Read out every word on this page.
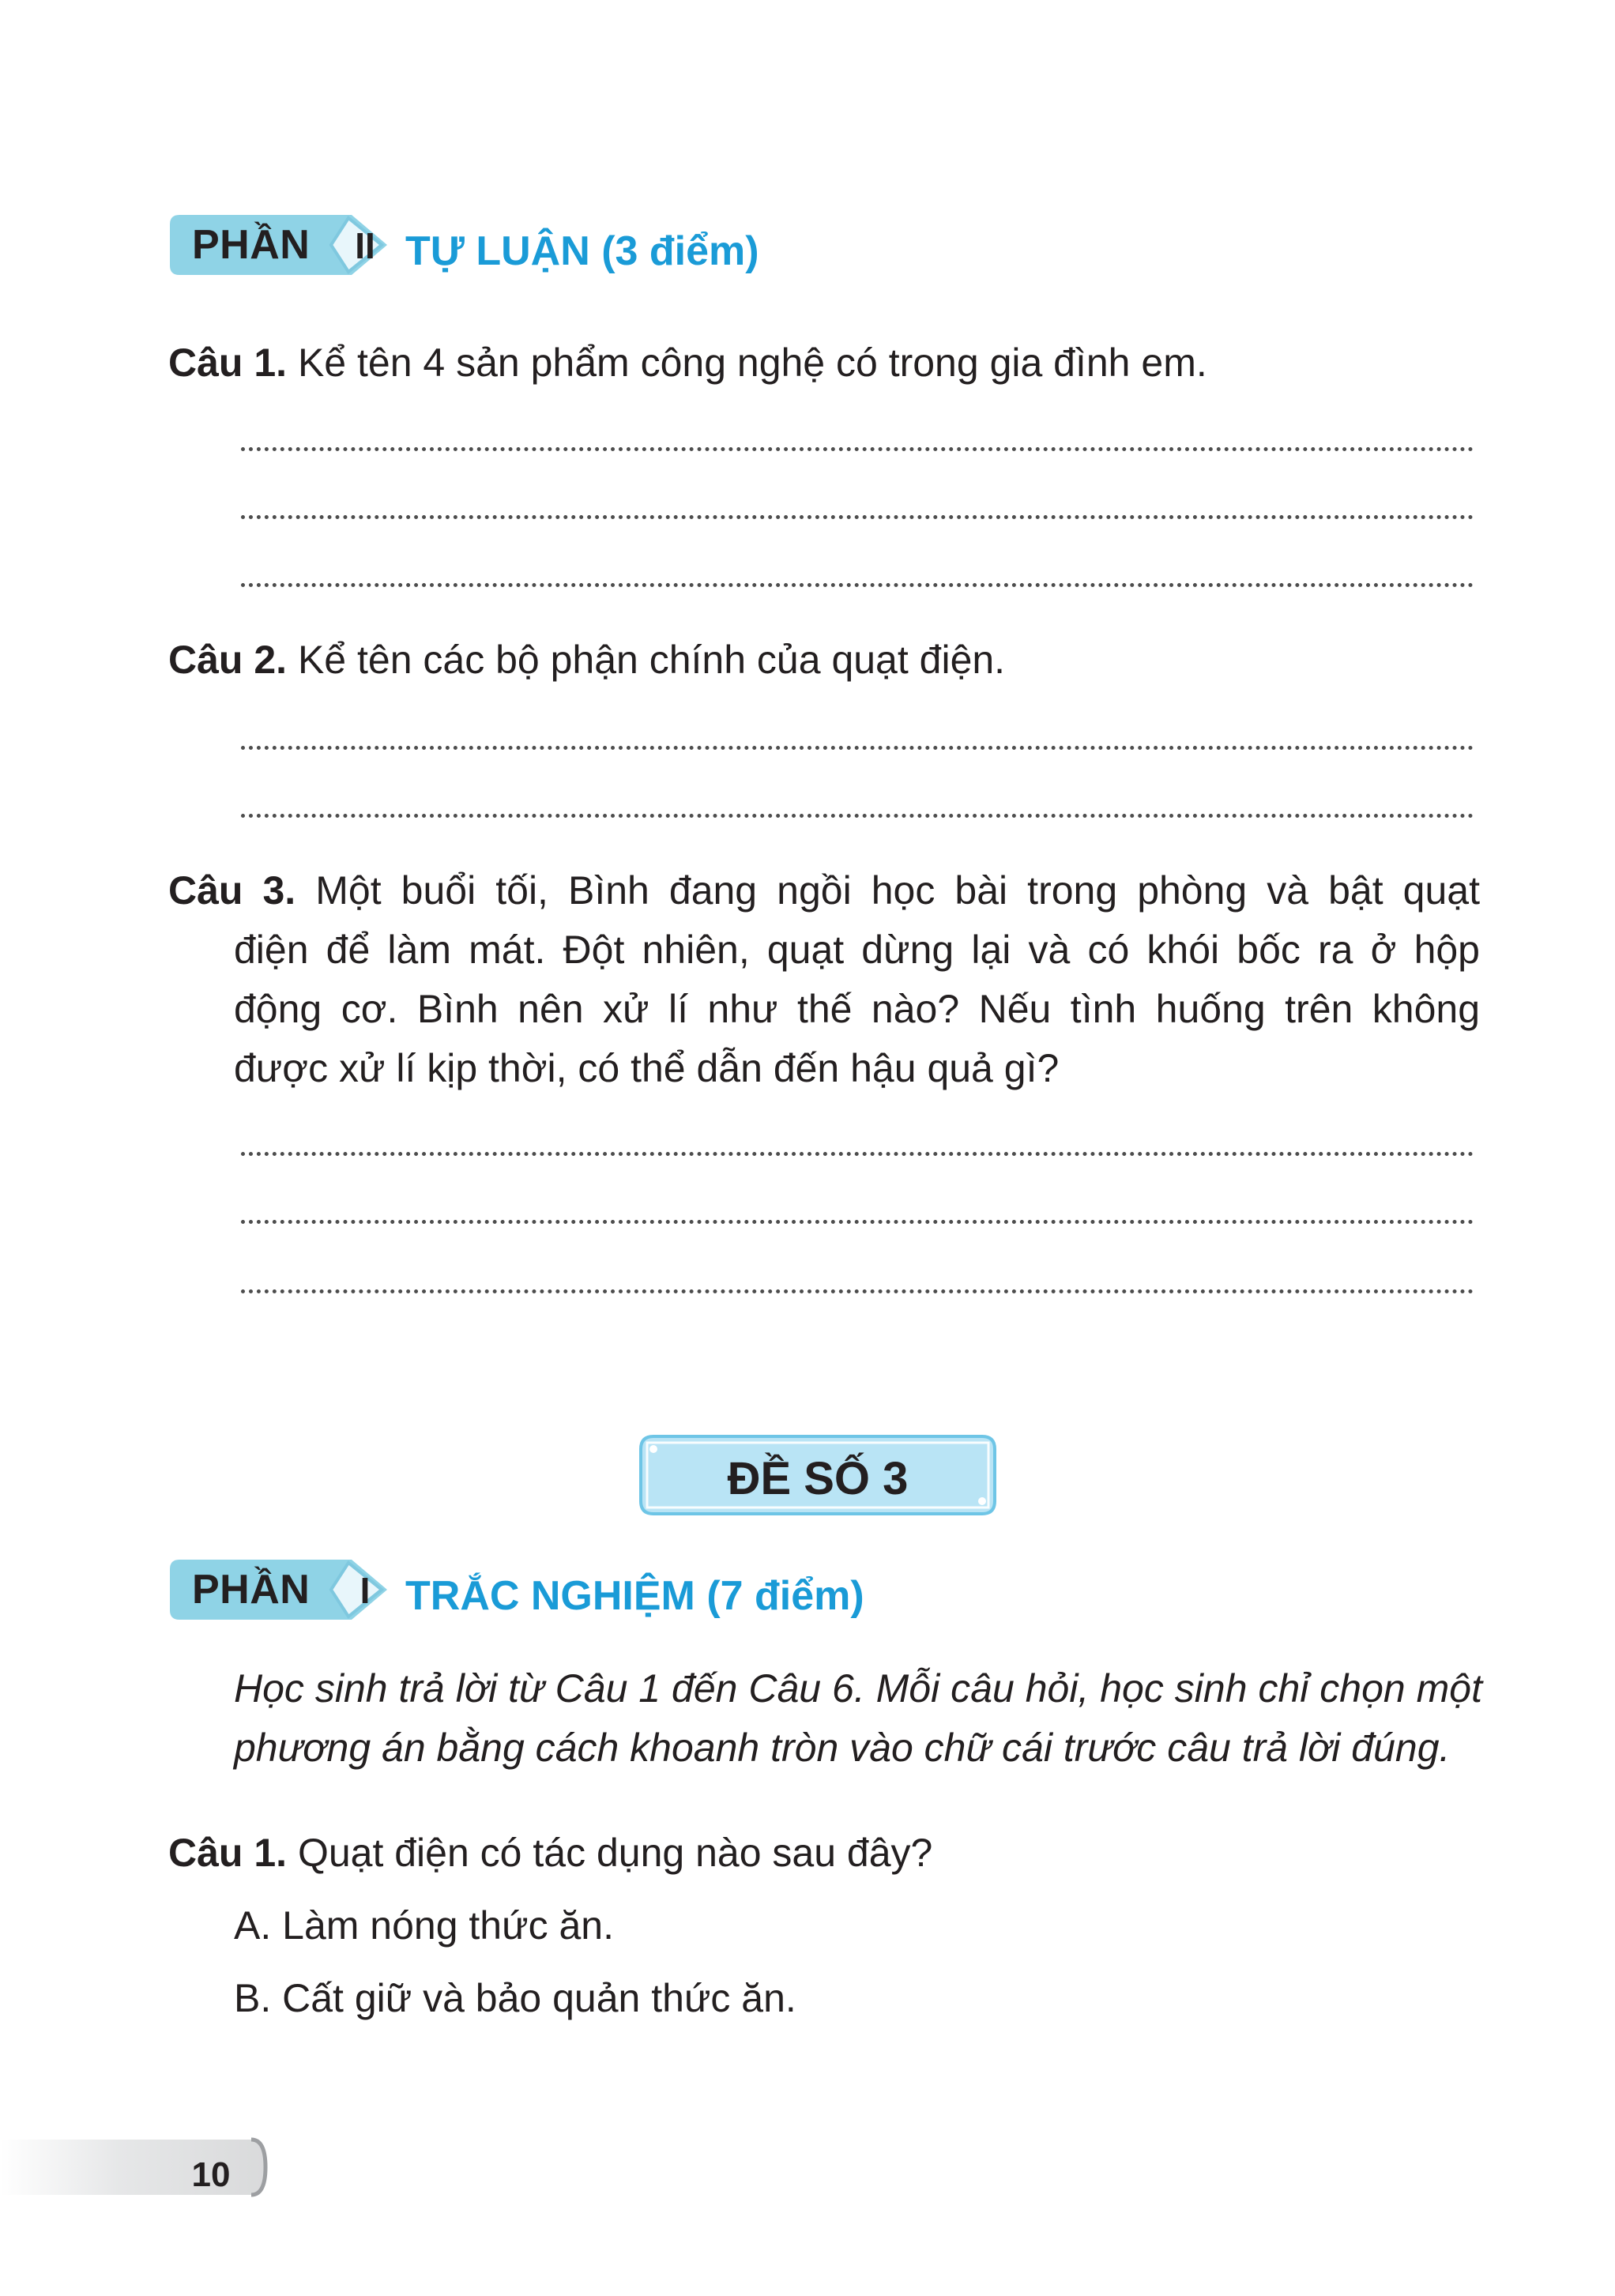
PHẦN II TỰ LUẬN (3 điểm)
Câu 1. Kể tên 4 sản phẩm công nghệ có trong gia đình em.
Câu 2. Kể tên các bộ phận chính của quạt điện.
Câu 3. Một buổi tối, Bình đang ngồi học bài trong phòng và bật quạt
điện để làm mát. Đột nhiên, quạt dừng lại và có khói bốc ra ở hộp
động cơ. Bình nên xử lí như thế nào? Nếu tình huống trên không
được xử lí kịp thời, có thể dẫn đến hậu quả gì?
ĐỀ SỐ 3
PHẦN	I TRẮC NGHIỆM (7 điểm)
Học sinh trả lời từ Câu 1 đến Câu 6. Mỗi câu hỏi, học sinh chỉ chọn một
phương án bằng cách khoanh tròn vào chữ cái trước câu trả lời đúng.
Câu 1. Quạt điện có tác dụng nào sau đây?
A. Làm nóng thức ăn.
B. Cất giữ và bảo quản thức ăn.
10
